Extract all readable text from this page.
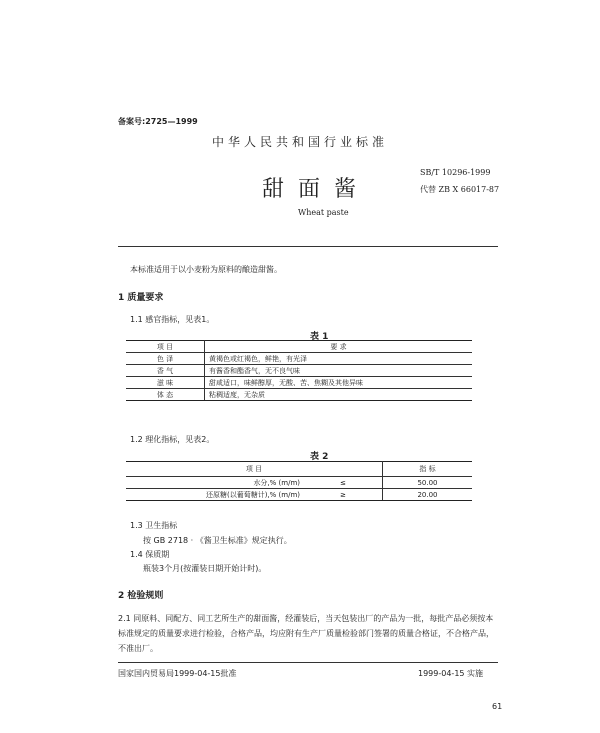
备案号:2725—1999
中华人民共和国行业标准
甜面酱
SB/T 10296-1999
代替 ZB X 66017-87
Wheat paste
本标准适用于以小麦粉为原料的酿造甜酱。
1 质量要求
1.1 感官指标，见表1。
表 1
项 目	要 求
色 泽	黄褐色或红褐色，鲜艳，有光泽
香 气	有酱香和酯香气，无不良气味
滋 味	甜咸适口，味鲜醇厚，无酸、苦、焦糊及其他异味
体 态	粘稠适度，无杂质
1.2 理化指标，见表2。
表 2
项 目		指 标
水分,% (m/m)	≤	50.00
还原糖(以葡萄糖计),% (m/m)	≥	20.00
1.3 卫生指标
按 GB 2718 · 《酱卫生标准》规定执行。
1.4 保质期
瓶装3个月(按灌装日期开始计时)。
2 检验规则
2.1 同原料、同配方、同工艺所生产的甜面酱，经灌装后，当天包装出厂的产品为一批，每批产品必须按本标准规定的质量要求进行检验，合格产品，均应附有生产厂质量检验部门签署的质量合格证，不合格产品，不准出厂。
国家国内贸易局1999-04-15批准	1999-04-15 实施
61
